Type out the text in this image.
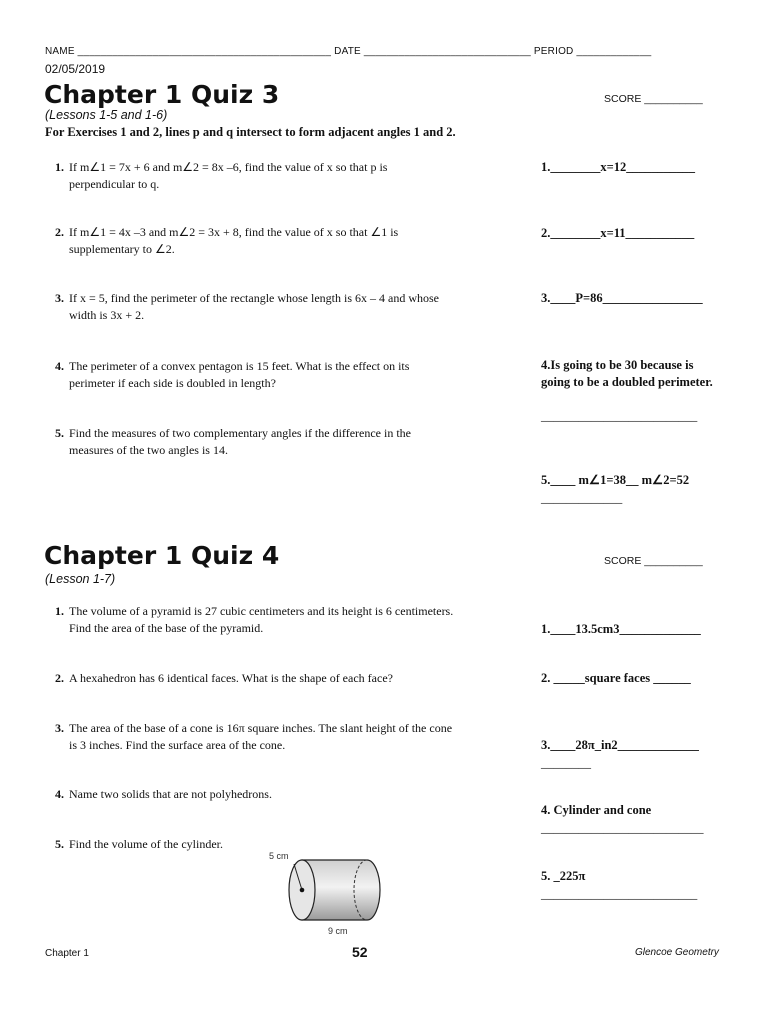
NAME ____________________________________________ DATE _____________________________ PERIOD _____________
02/05/2019
Chapter 1 Quiz 3
(Lessons 1-5 and 1-6)
SCORE __________
For Exercises 1 and 2, lines p and q intersect to form adjacent angles 1 and 2.
1. If m∠1 = 7x + 6 and m∠2 = 8x –6, find the value of x so that p is
perpendicular to q.
2. If m∠1 = 4x –3 and m∠2 = 3x + 8, find the value of x so that ∠1 is
supplementary to ∠2.
3. If x = 5, find the perimeter of the rectangle whose length is 6x – 4 and whose
width is 3x + 2.
4. The perimeter of a convex pentagon is 15 feet. What is the effect on its
perimeter if each side is doubled in length?
5. Find the measures of two complementary angles if the difference in the
measures of the two angles is 14.
1.________x=12___________
2.________x=11___________
3.____P=86________________
4.Is going to be 30 because is going to be a doubled perimeter.
_________________________
5.____ m∠1=38__ m∠2=52
_____________
Chapter 1 Quiz 4
(Lesson 1-7)
SCORE __________
1. The volume of a pyramid is 27 cubic centimeters and its height is 6 centimeters.
Find the area of the base of the pyramid.
2. A hexahedron has 6 identical faces. What is the shape of each face?
3. The area of the base of a cone is 16π square inches. The slant height of the cone
is 3 inches. Find the surface area of the cone.
4. Name two solids that are not polyhedrons.
5. Find the volume of the cylinder.
1.____13.5cm3_____________
2. _____square faces ______
3.____28π_in2_____________
________
4. Cylinder and cone
__________________________
5. _225π
_________________________
5 cm
9 cm
Chapter 1	52	Glencoe Geometry
